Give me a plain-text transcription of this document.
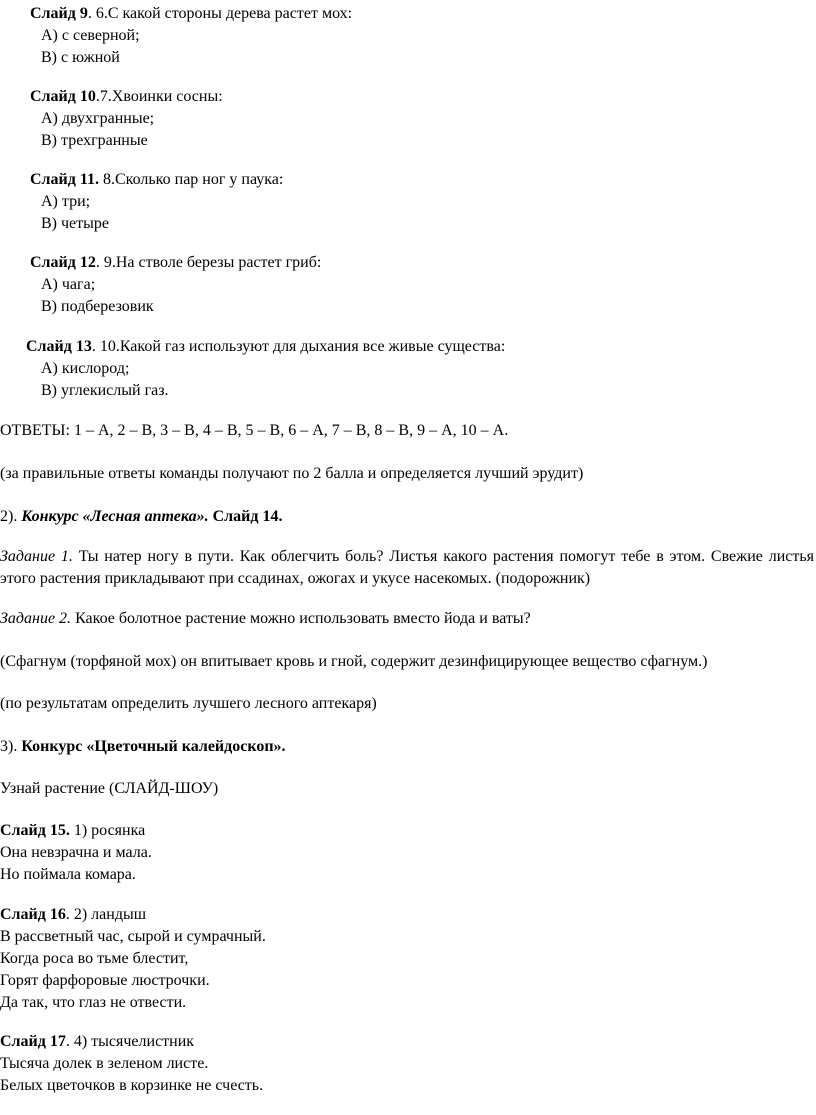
Слайд 9. 6.С какой стороны дерева растет мох:
А) с северной;
В) с южной
Слайд 10.7.Хвоинки сосны:
А) двухгранные;
В) трехгранные
Слайд 11. 8.Сколько пар ног у паука:
А) три;
В) четыре
Слайд 12. 9.На стволе березы растет гриб:
А) чага;
В) подберезовик
Слайд 13. 10.Какой газ используют для дыхания все живые существа:
А) кислород;
В) углекислый газ.
ОТВЕТЫ: 1 – А, 2 – В, 3 – В, 4 – В, 5 – В, 6 – А, 7 – В, 8 – В, 9 – А, 10 – А.
(за правильные ответы команды получают по 2 балла и определяется лучший эрудит)
2). Конкурс «Лесная аптека». Слайд 14.
Задание 1. Ты натер ногу в пути. Как облегчить боль? Листья какого растения помогут тебе в этом. Свежие листья этого растения прикладывают при ссадинах, ожогах и укусе насекомых. (подорожник)
Задание 2. Какое болотное растение можно использовать вместо йода и ваты?
(Сфагнум (торфяной мох) он впитывает кровь и гной, содержит дезинфицирующее вещество сфагнум.)
(по результатам определить лучшего лесного аптекаря)
3). Конкурс «Цветочный калейдоскоп».
Узнай растение (СЛАЙД-ШОУ)
Слайд 15. 1) росянка
Она невзрачна и мала.
Но поймала комара.
Слайд 16. 2) ландыш
В рассветный час, сырой и сумрачный.
Когда роса во тьме блестит,
Горят фарфоровые люстрочки.
Да так, что глаз не отвести.
Слайд 17. 4) тысячелистник
Тысяча долек в зеленом листе.
Белых цветочков в корзинке не счесть.
